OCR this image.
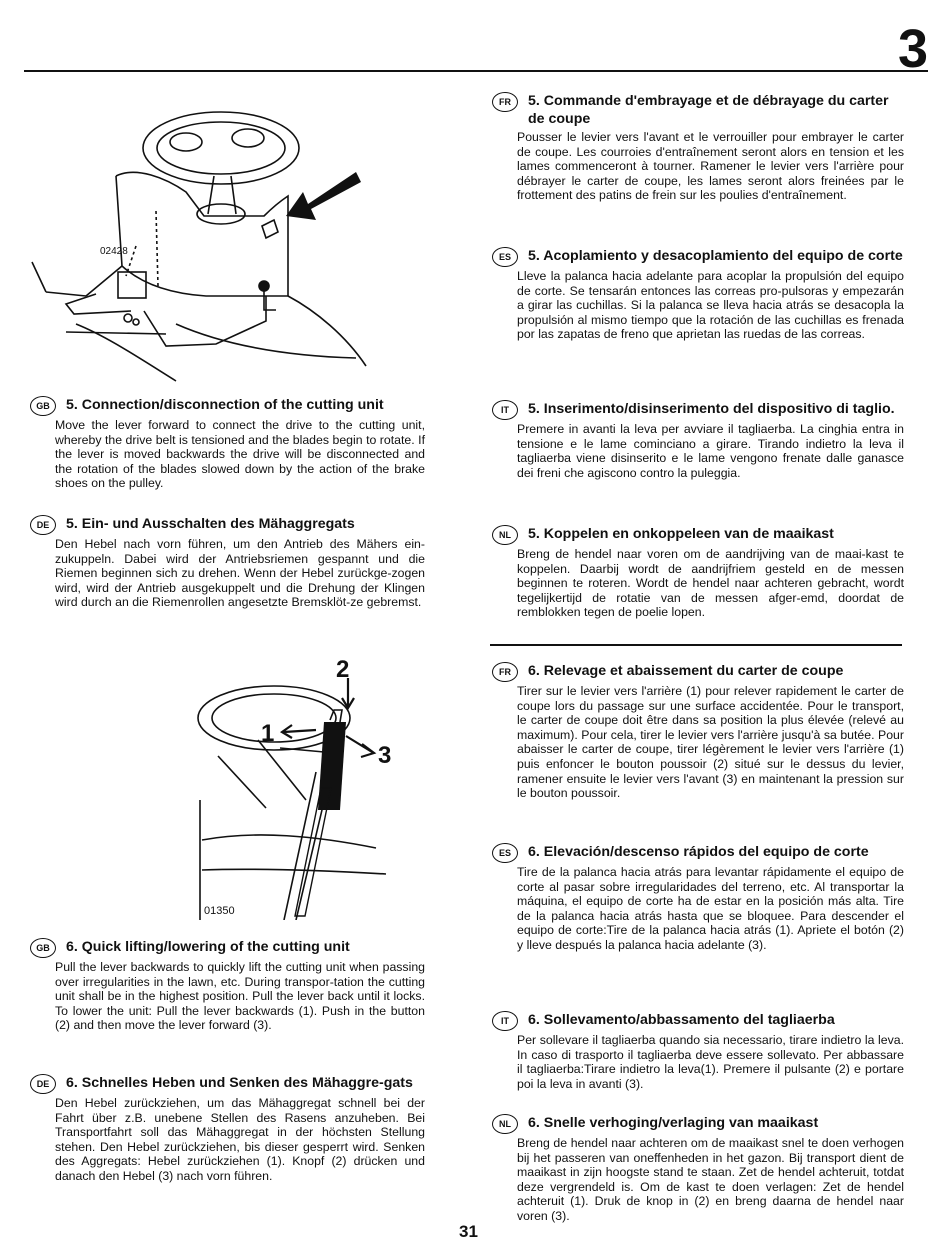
3
02428
2
1
3
01350
GB	5. Connection/disconnection of the cutting unit
Move the lever forward to connect the drive to the cutting unit, whereby the drive belt is tensioned and the blades begin to rotate. If the lever is moved backwards the drive will be disconnected and the rotation of the blades slowed down by the action of the brake shoes on the pulley.
DE	5. Ein- und Ausschalten des Mähaggregats
Den Hebel nach vorn führen, um den Antrieb des Mähers ein-zukuppeln. Dabei wird der Antriebsriemen gespannt und die Riemen beginnen sich zu drehen. Wenn der Hebel zurückge-zogen wird, wird der Antrieb ausgekuppelt und die Drehung der Klingen wird durch an die Riemenrollen angesetzte Bremsklöt-ze gebremst.
GB	6. Quick lifting/lowering of the cutting unit
Pull the lever backwards to quickly lift the cutting unit when passing over irregularities in the lawn, etc. During transpor-tation the cutting unit shall be in the highest position. Pull the lever back until it locks. To lower the unit: Pull the lever backwards (1). Push in the button (2) and then move the lever forward (3).
DE	6. Schnelles Heben und Senken des Mähaggre-gats
Den Hebel zurückziehen, um das Mähaggregat schnell bei der Fahrt über z.B. unebene Stellen des Rasens anzuheben. Bei Transportfahrt soll das Mähaggregat in der höchsten Stellung stehen. Den Hebel zurückziehen, bis dieser gesperrt wird. Senken des Aggregats: Hebel zurückziehen (1). Knopf (2) drücken und danach den Hebel (3) nach vorn führen.
FR	5. Commande d'embrayage et de débrayage du carter de coupe
Pousser le levier vers l'avant et le verrouiller pour embrayer le carter de coupe. Les courroies d'entraînement seront alors en tension et les lames commenceront à tourner. Ramener le levier vers l'arrière pour débrayer le carter de coupe, les lames seront alors freinées par le frottement des patins de frein sur les poulies d'entraînement.
ES	5. Acoplamiento y desacoplamiento del equipo de corte
Lleve la palanca hacia adelante para acoplar la propulsión del equipo de corte. Se tensarán entonces las correas pro-pulsoras y empezarán a girar las cuchillas. Si la palanca se lleva hacia atrás se desacopla la propulsión al mismo tiempo que la rotación de las cuchillas es frenada por las zapatas de freno que aprietan las ruedas de las correas.
IT	5. Inserimento/disinserimento del dispositivo di taglio.
Premere in avanti la leva per avviare il tagliaerba. La cinghia entra in tensione e le lame cominciano a girare. Tirando indietro la leva il tagliaerba viene disinserito e le lame vengono frenate dalle ganasce dei freni che agiscono contro la puleggia.
NL	5. Koppelen en onkoppeleen van de maaikast
Breng de hendel naar voren om de aandrijving van de maai-kast te koppelen. Daarbij wordt de aandrijfriem gesteld en de messen beginnen te roteren. Wordt de hendel naar achteren gebracht, wordt tegelijkertijd de rotatie van de messen afger-emd, doordat de remblokken tegen de poelie lopen.
FR	6. Relevage et abaissement du carter de coupe
Tirer sur le levier vers l'arrière (1) pour relever rapidement le carter de coupe lors du passage sur une surface accidentée. Pour le transport, le carter de coupe doit être dans sa position la plus élevée (relevé au maximum). Pour cela, tirer le levier vers l'arrière jusqu'à sa butée. Pour abaisser le carter de coupe, tirer légèrement le levier vers l'arrière (1) puis enfoncer le bouton poussoir (2) situé sur le dessus du levier, ramener ensuite le levier vers l'avant (3) en maintenant la pression sur le bouton poussoir.
ES	6. Elevación/descenso rápidos del equipo de corte
Tire de la palanca hacia atrás para levantar rápidamente el equipo de corte al pasar sobre irregularidades del terreno, etc. Al transportar la máquina, el equipo de corte ha de estar en la posición más alta. Tire de la palanca hacia atrás hasta que se bloquee. Para descender el equipo de corte:Tire de la palanca hacia atrás (1). Apriete el botón (2) y lleve después la palanca hacia adelante (3).
IT	6. Sollevamento/abbassamento del tagliaerba
Per sollevare il tagliaerba quando sia necessario, tirare indietro la leva. In caso di trasporto il tagliaerba deve essere sollevato. Per abbassare il tagliaerba:Tirare indietro la leva(1). Premere il pulsante (2) e portare poi la leva in avanti (3).
NL	6. Snelle verhoging/verlaging van maaikast
Breng de hendel naar achteren om de maaikast snel te doen verhogen bij het passeren van oneffenheden in het gazon. Bij transport dient de maaikast in zijn hoogste stand te staan. Zet de hendel achteruit, totdat deze vergrendeld is. Om de kast te doen verlagen: Zet de hendel achteruit (1). Druk de knop in (2) en breng daarna de hendel naar voren (3).
31
